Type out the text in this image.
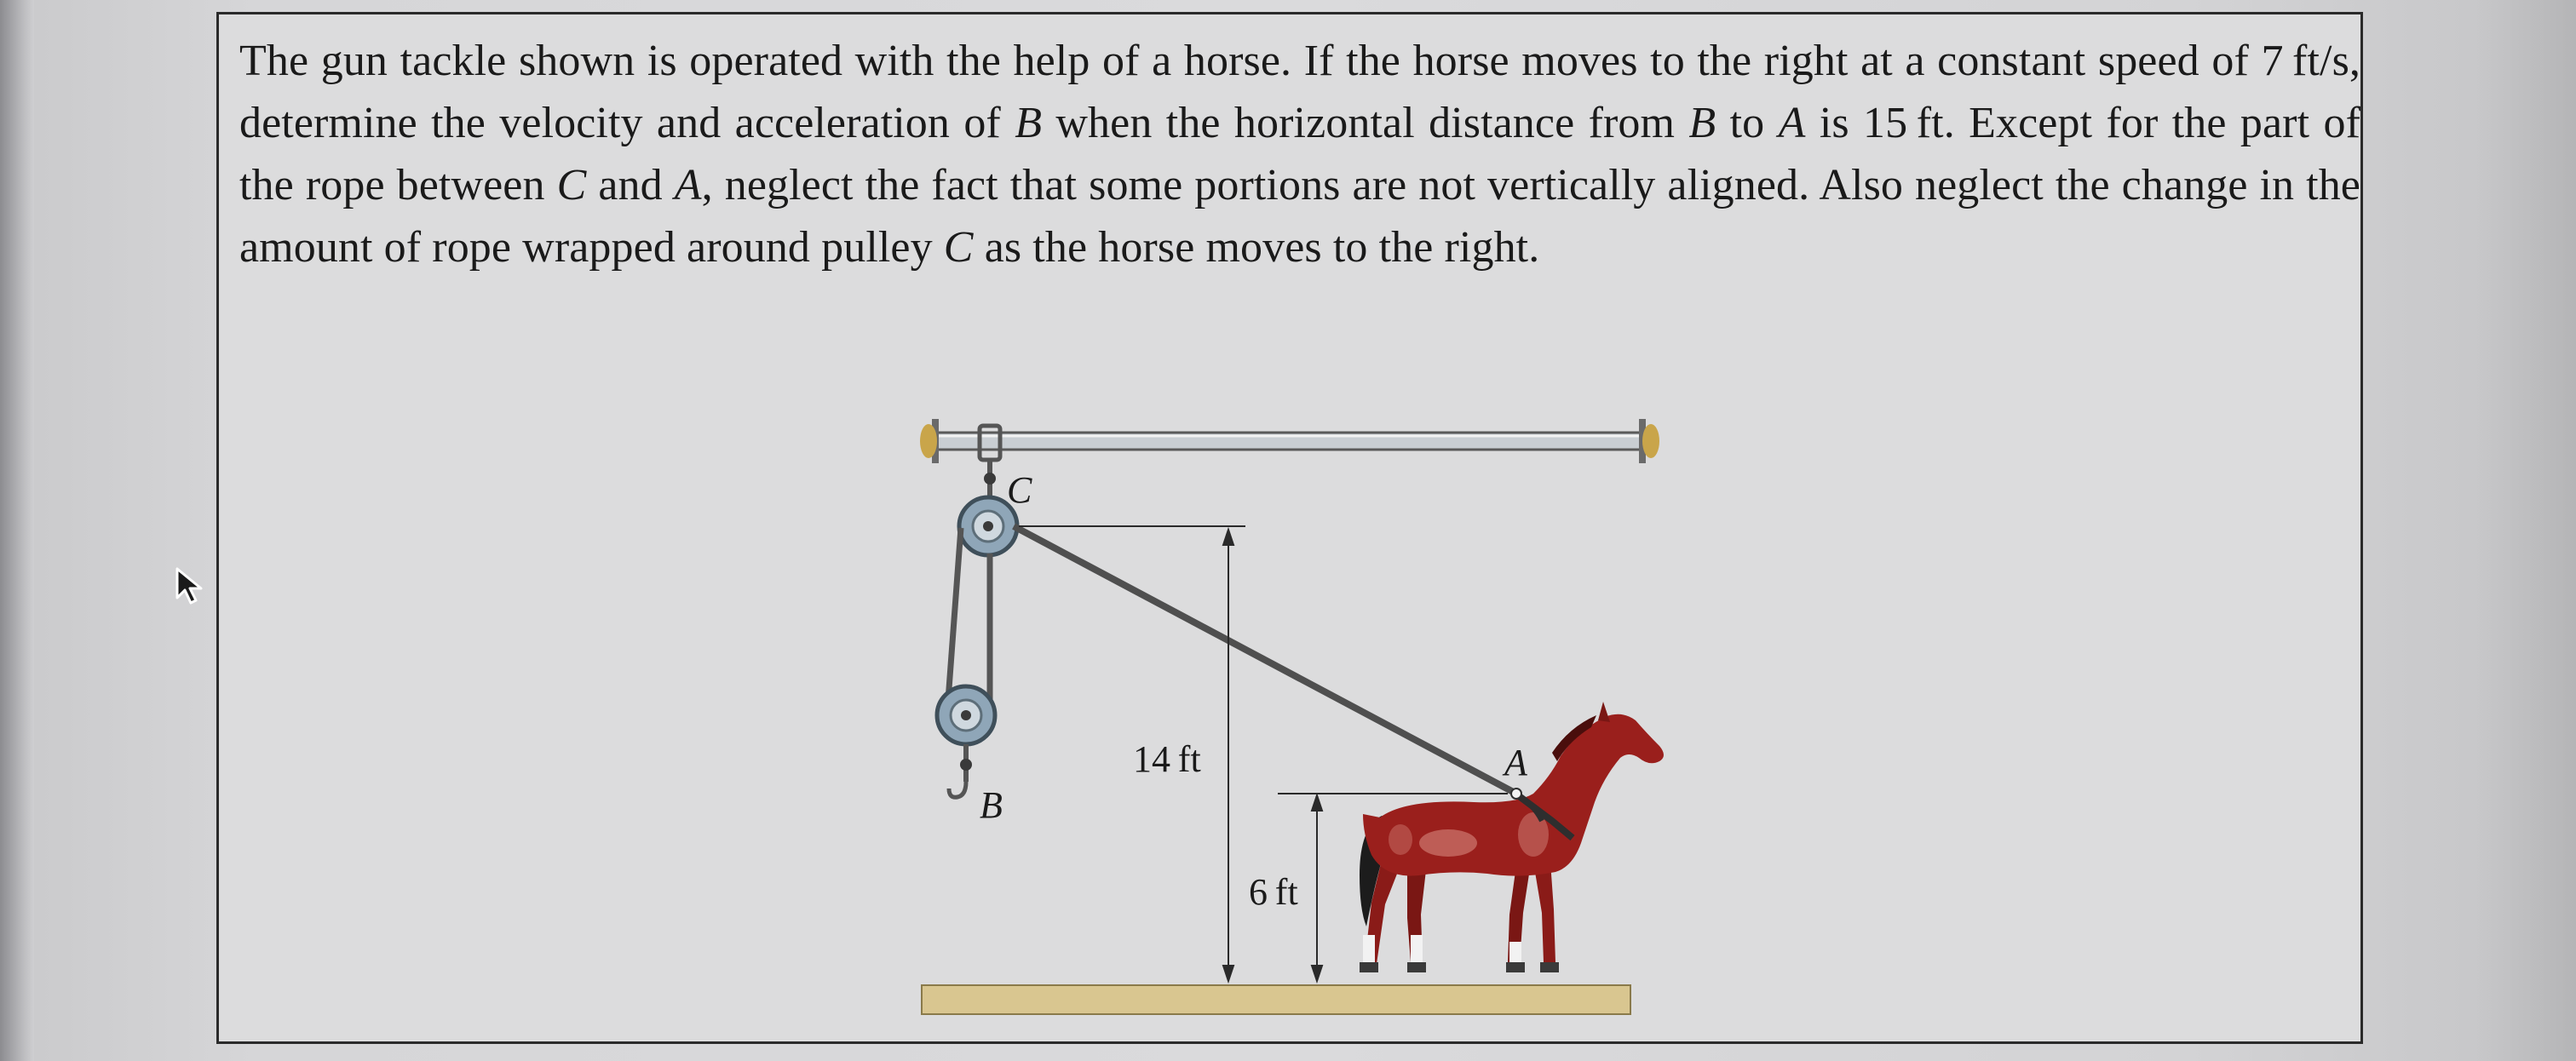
The gun tackle shown is operated with the help of a horse. If the horse moves to the right at a constant speed of 7 ft/s, determine the velocity and acceleration of B when the horizontal distance from B to A is 15 ft. Except for the part of the rope between C and A, neglect the fact that some portions are not vertically aligned. Also neglect the change in the amount of rope wrapped around pulley C as the horse moves to the right.
C
B
A
14 ft
6 ft
